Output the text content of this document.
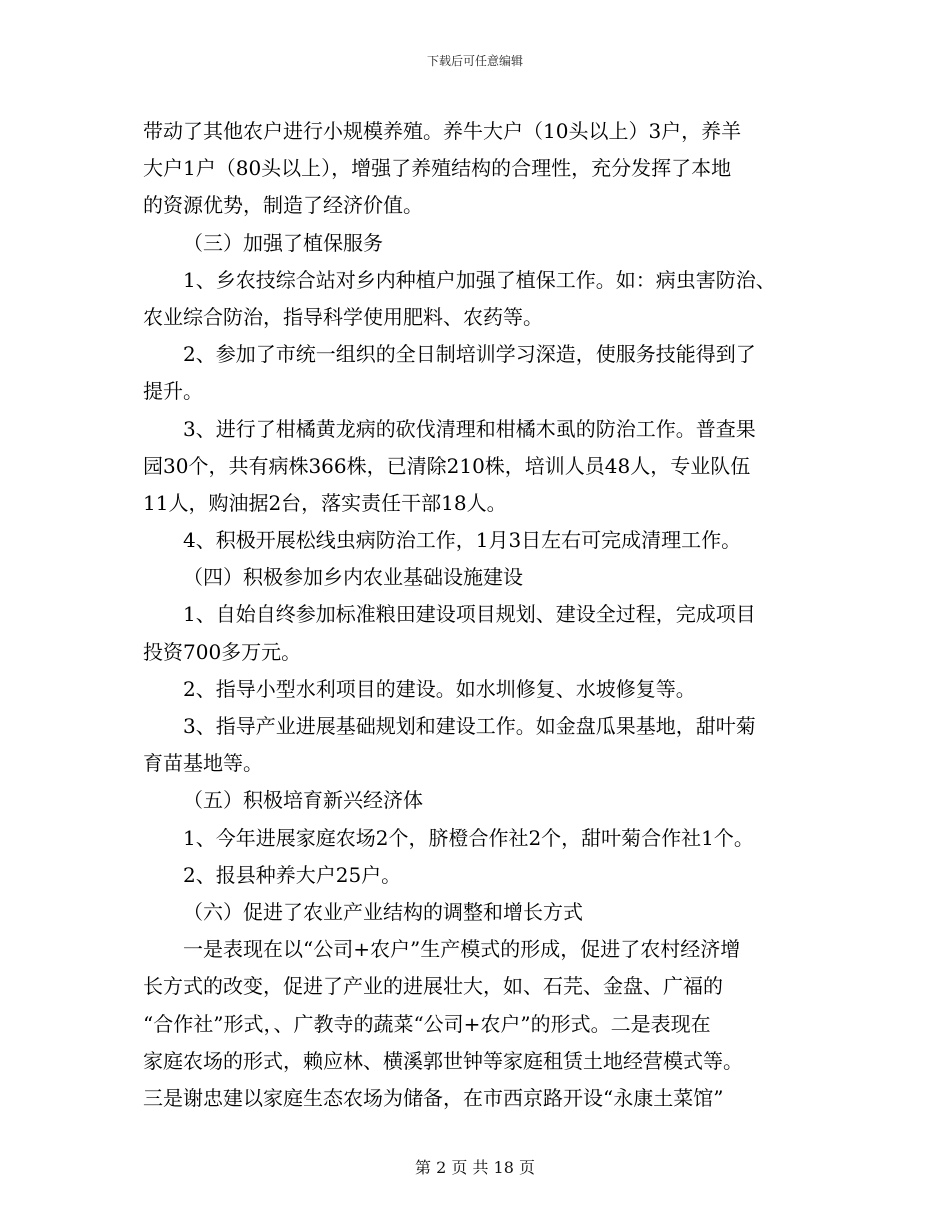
下载后可任意编辑
带动了其他农户进行小规模养殖。养牛大户（10头以上）3户，养羊
大户1户（80头以上），增强了养殖结构的合理性，充分发挥了本地
的资源优势，制造了经济价值。
（三）加强了植保服务
1、乡农技综合站对乡内种植户加强了植保工作。如：病虫害防治、
农业综合防治，指导科学使用肥料、农药等。
2、参加了市统一组织的全日制培训学习深造，使服务技能得到了
提升。
3、进行了柑橘黄龙病的砍伐清理和柑橘木虱的防治工作。普查果
园30个，共有病株366株，已清除210株，培训人员48人，专业队伍
11人，购油据2台，落实责任干部18人。
4、积极开展松线虫病防治工作，1月3日左右可完成清理工作。
（四）积极参加乡内农业基础设施建设
1、自始自终参加标准粮田建设项目规划、建设全过程，完成项目
投资700多万元。
2、指导小型水利项目的建设。如水圳修复、水坡修复等。
3、指导产业进展基础规划和建设工作。如金盘瓜果基地，甜叶菊
育苗基地等。
（五）积极培育新兴经济体
1、今年进展家庭农场2个，脐橙合作社2个，甜叶菊合作社1个。
2、报县种养大户25户。
（六）促进了农业产业结构的调整和增长方式
一是表现在以“公司+农户”生产模式的形成，促进了农村经济增
长方式的改变，促进了产业的进展壮大，如、石芫、金盘、广福的
“合作社”形式，、广教寺的蔬菜“公司+农户”的形式。二是表现在
家庭农场的形式，赖应林、横溪郭世钟等家庭租赁土地经营模式等。
三是谢忠建以家庭生态农场为储备，在市西京路开设“永康土菜馆”
第 2 页 共 18 页
